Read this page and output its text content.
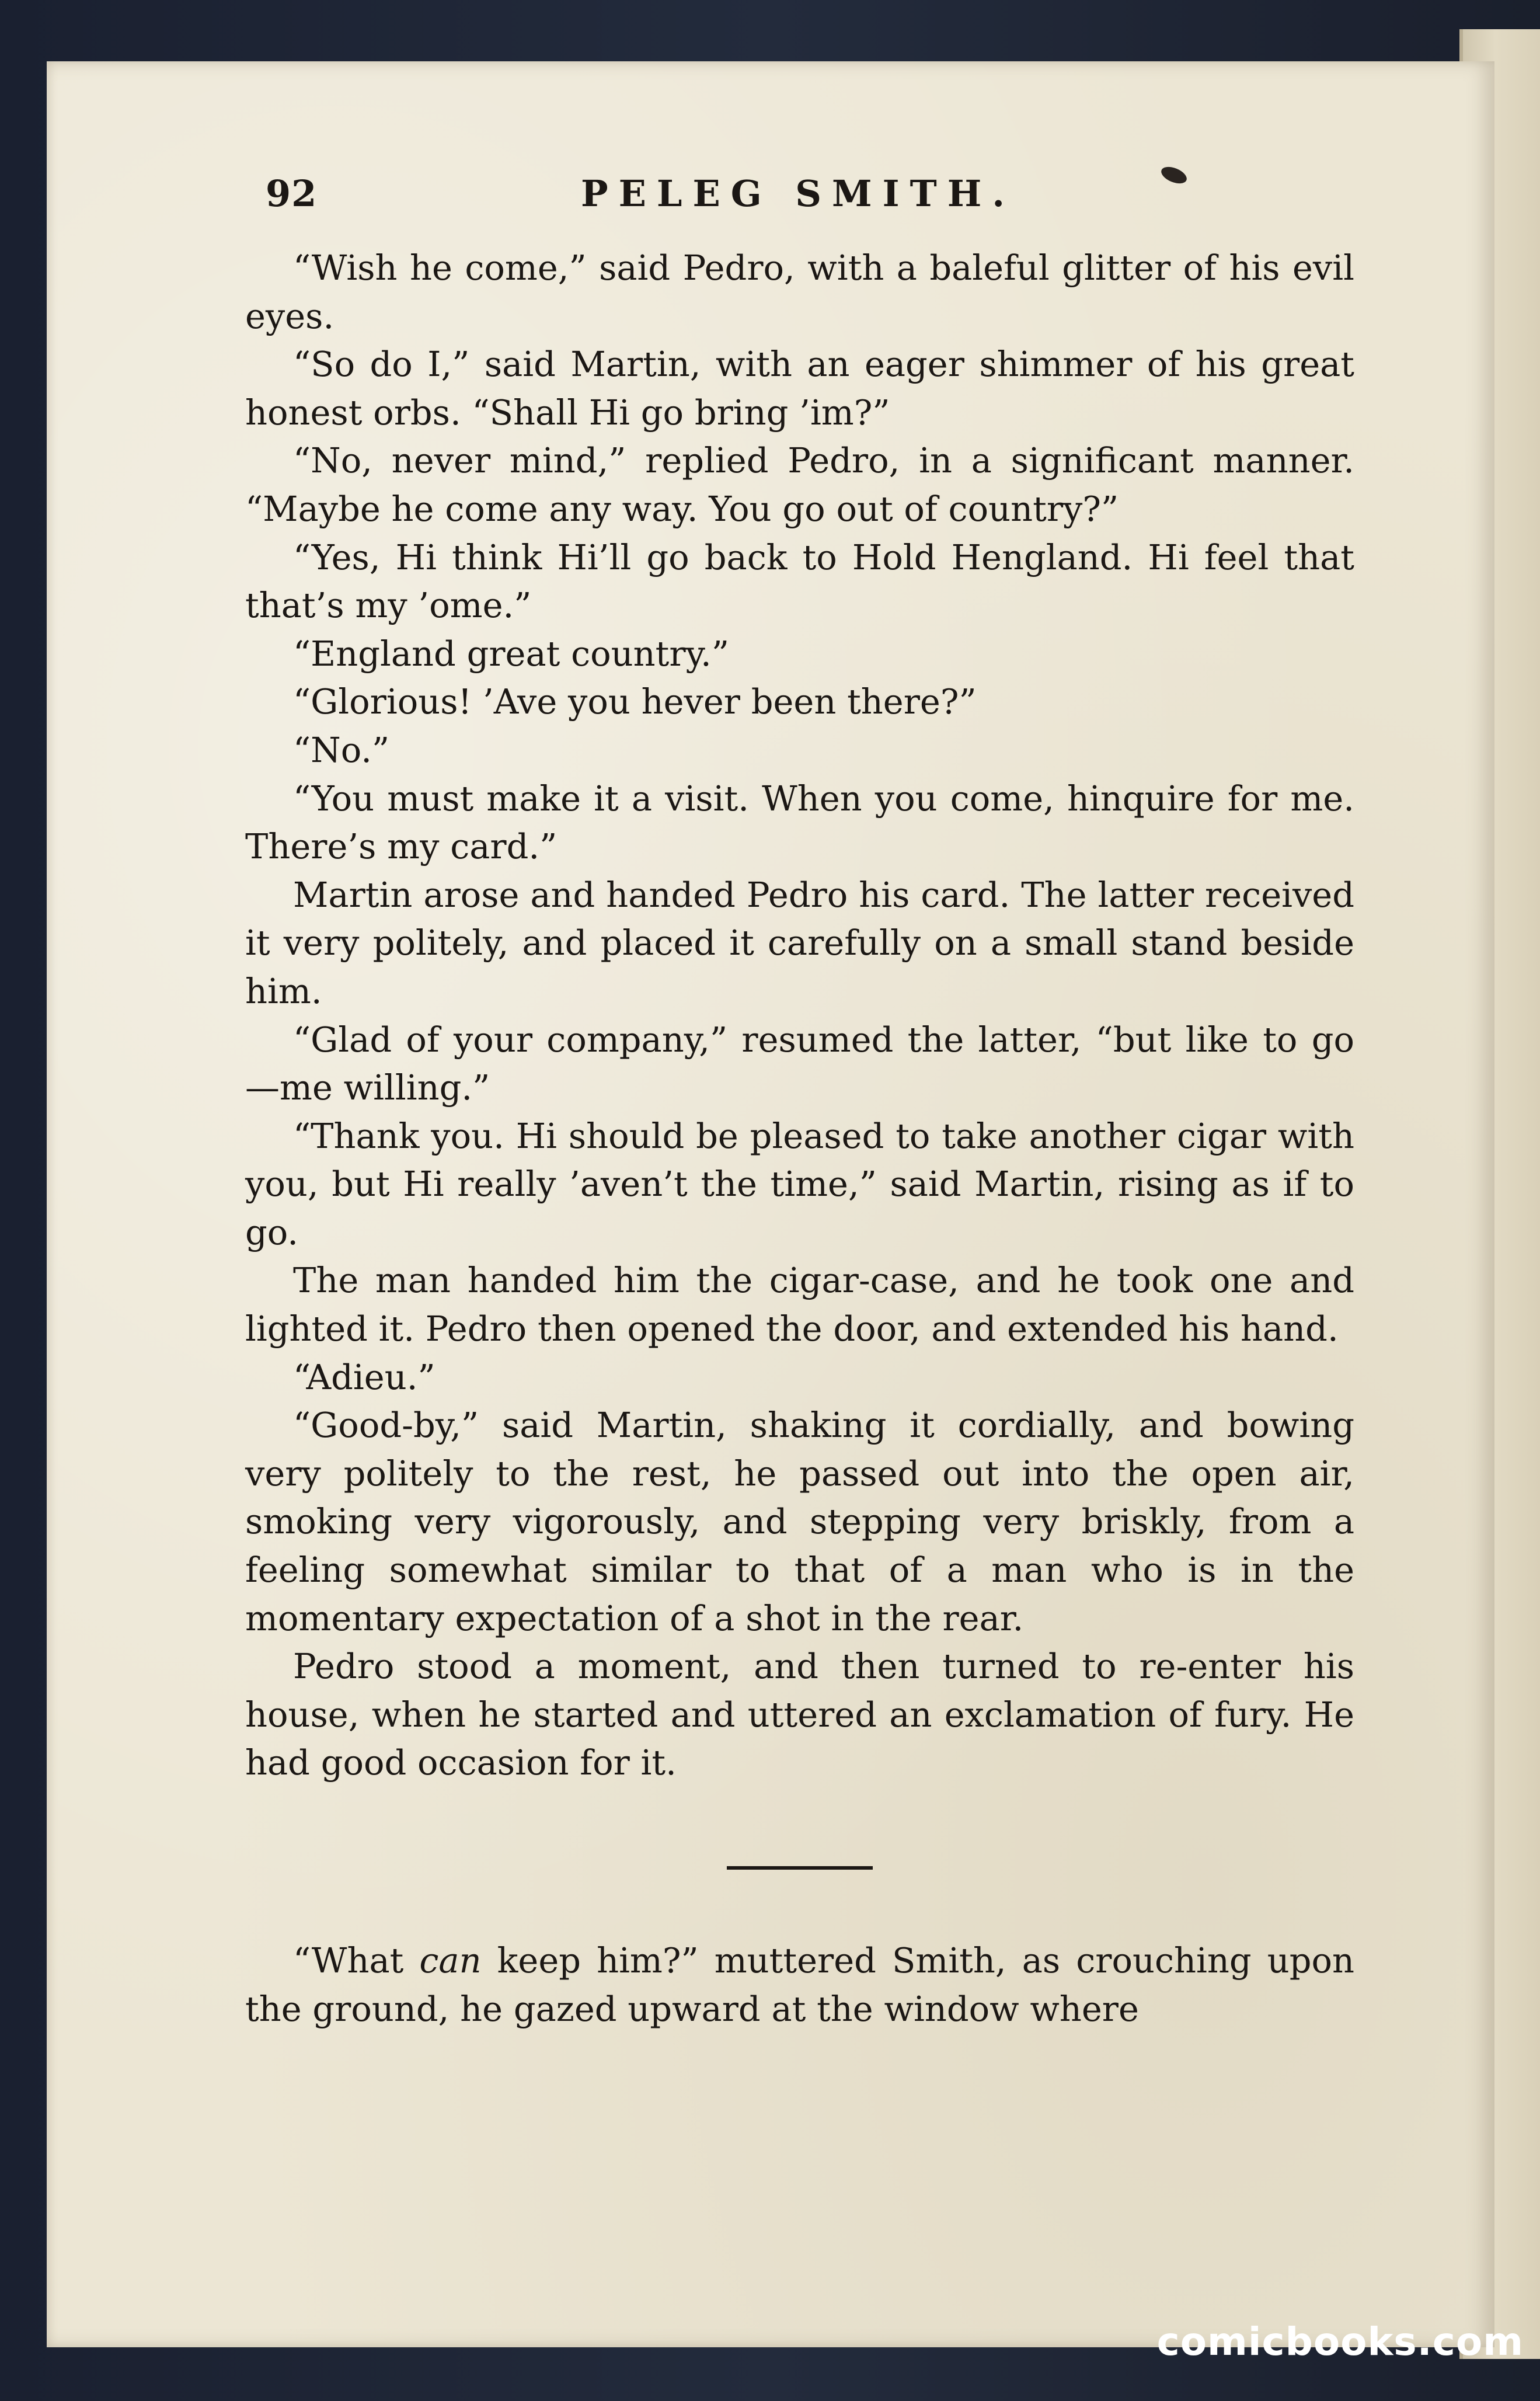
92	PELEG SMITH.

“Wish he come,” said Pedro, with a baleful glitter of his evil eyes.

“So do I,” said Martin, with an eager shimmer of his great honest orbs. “Shall Hi go bring ’im?”

“No, never mind,” replied Pedro, in a significant manner. “Maybe he come any way. You go out of country?”

“Yes, Hi think Hi’ll go back to Hold Hengland. Hi feel that that’s my ’ome.”

“England great country.”

“Glorious! ’Ave you hever been there?”

“No.”

“You must make it a visit. When you come, hinquire for me. There’s my card.”

Martin arose and handed Pedro his card. The latter received it very politely, and placed it carefully on a small stand beside him.

“Glad of your company,” resumed the latter, “but like to go—me willing.”

“Thank you. Hi should be pleased to take another cigar with you, but Hi really ’aven’t the time,” said Martin, rising as if to go.

The man handed him the cigar-case, and he took one and lighted it. Pedro then opened the door, and extended his hand.

“Adieu.”

“Good-by,” said Martin, shaking it cordially, and bowing very politely to the rest, he passed out into the open air, smoking very vigorously, and stepping very briskly, from a feeling somewhat similar to that of a man who is in the momentary expectation of a shot in the rear.

Pedro stood a moment, and then turned to re-enter his house, when he started and uttered an exclamation of fury. He had good occasion for it.

“What can keep him?” muttered Smith, as crouching upon the ground, he gazed upward at the window where

comicbooks.com
